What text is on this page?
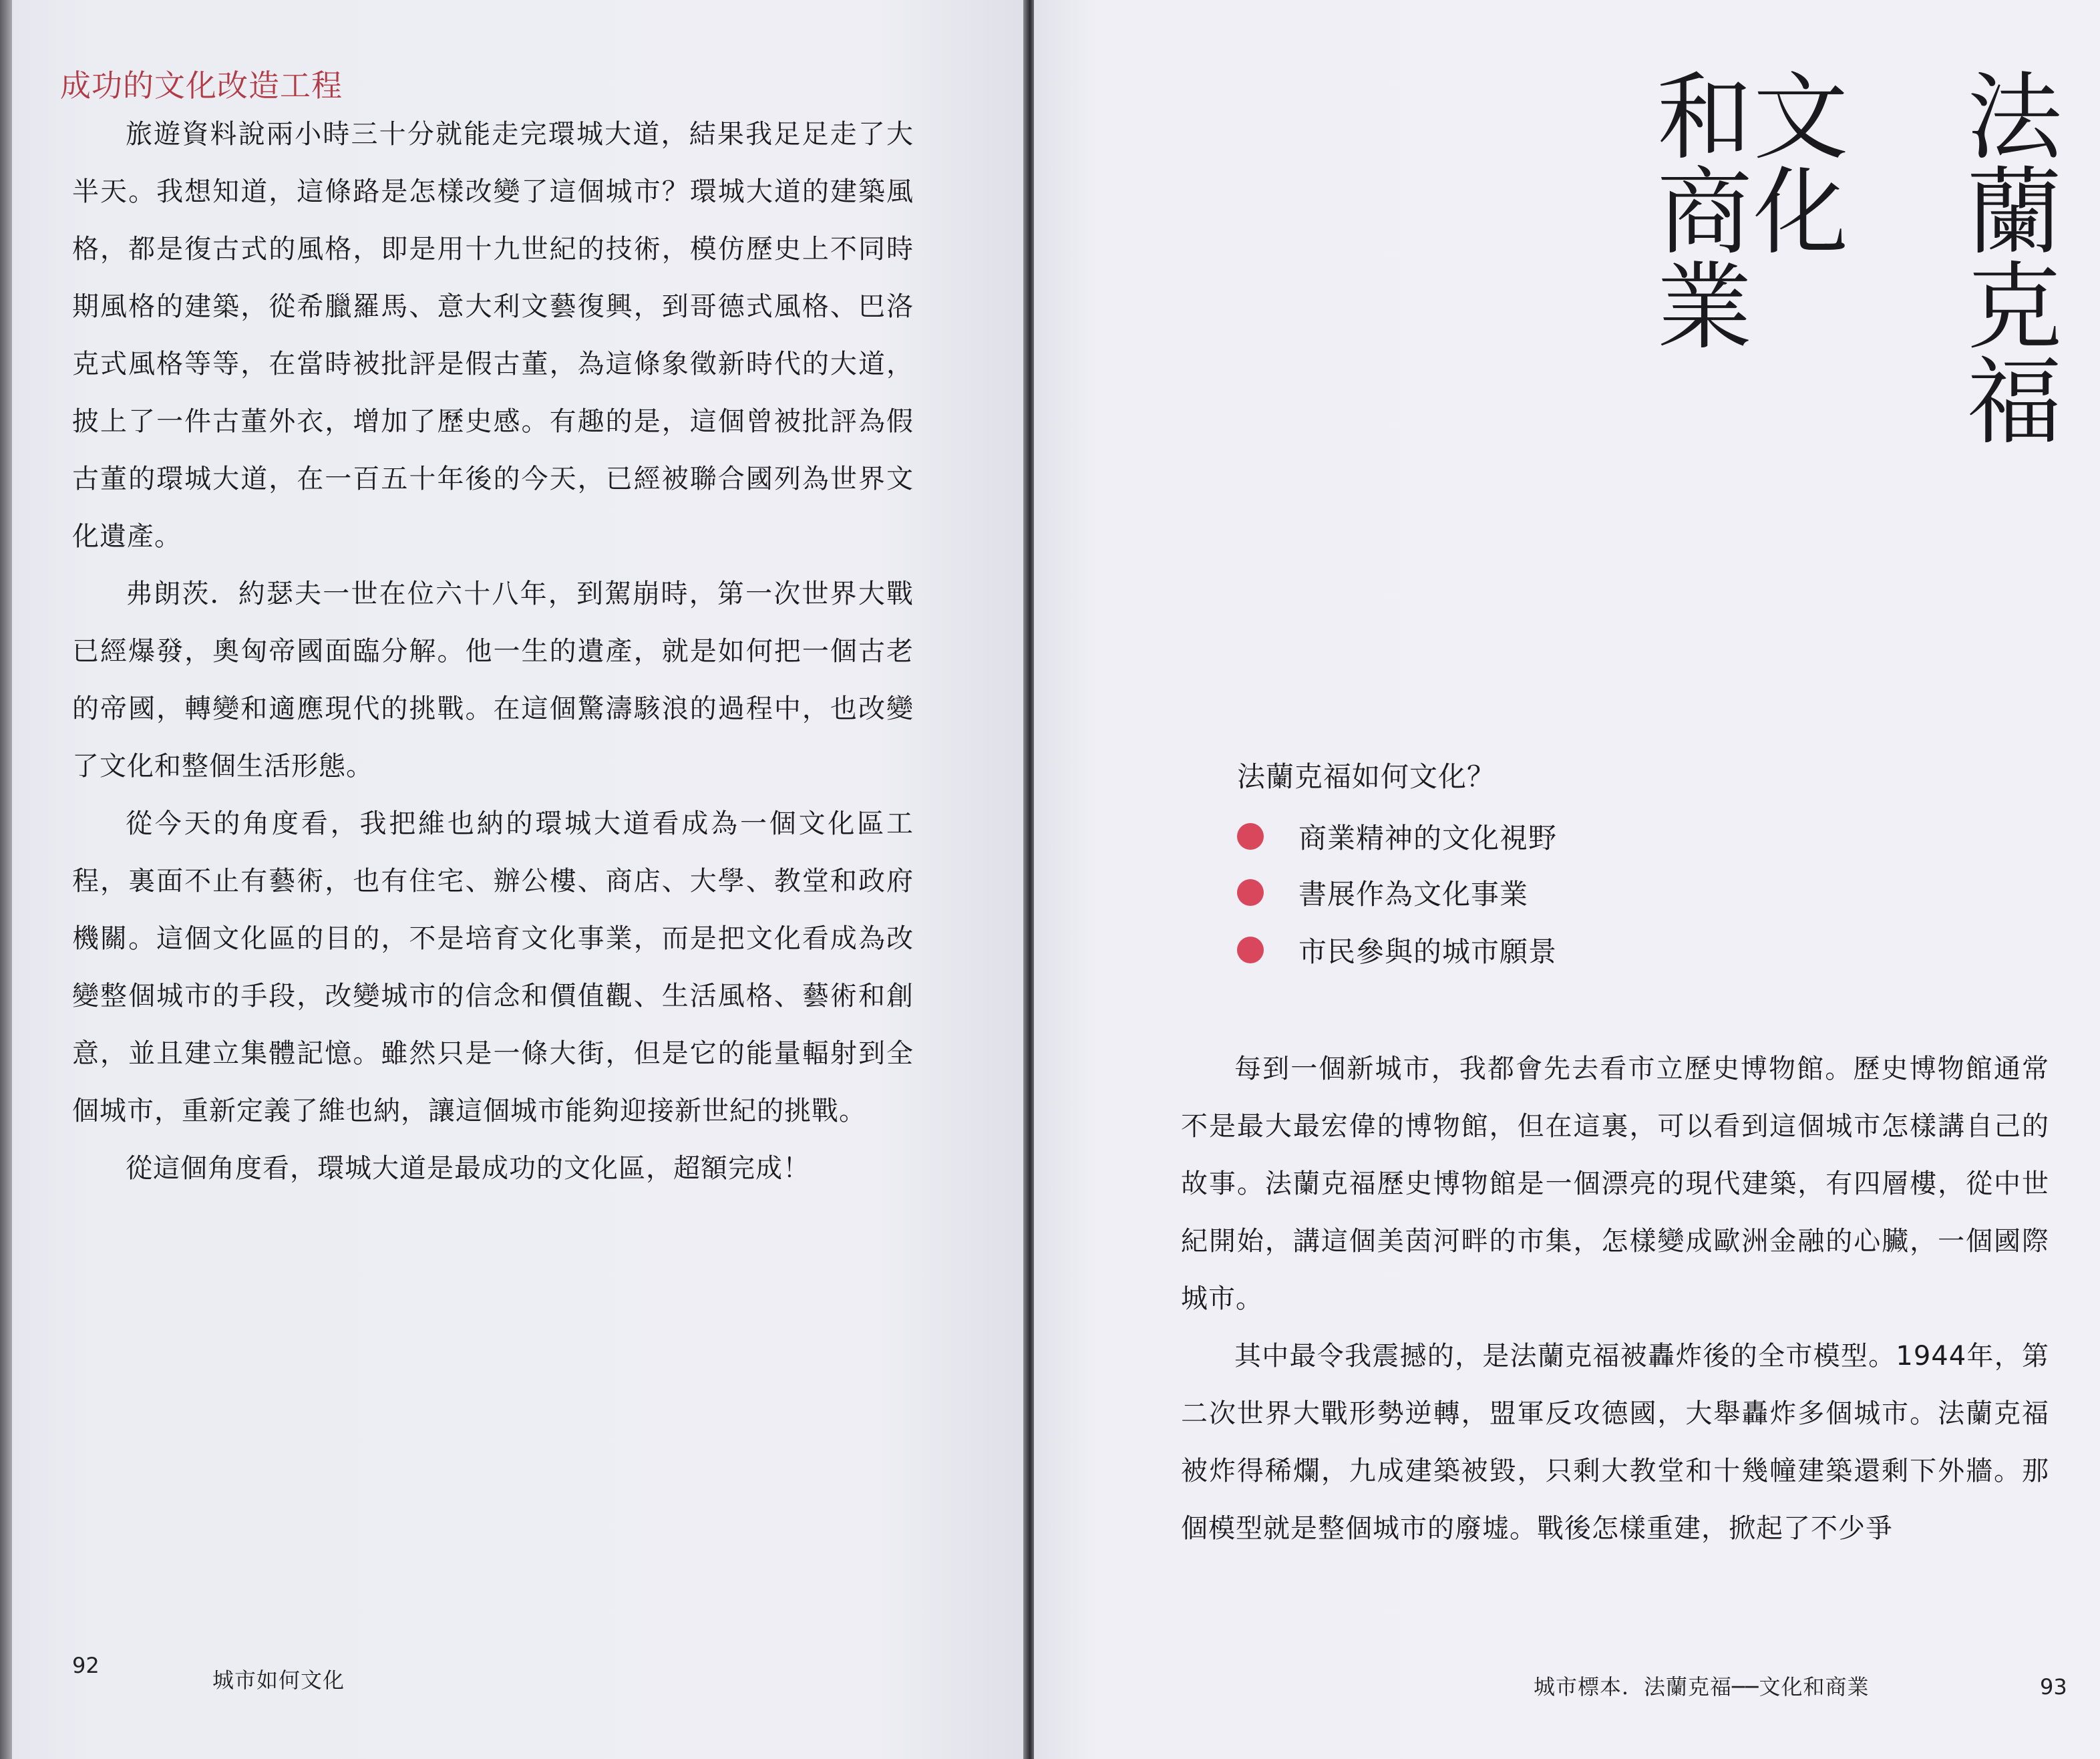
成功的文化改造工程

旅遊資料說兩小時三十分就能走完環城大道，結果我足足走了大半天。我想知道，這條路是怎樣改變了這個城市？環城大道的建築風格，都是復古式的風格，即是用十九世紀的技術，模仿歷史上不同時期風格的建築，從希臘羅馬、意大利文藝復興，到哥德式風格、巴洛克式風格等等，在當時被批評是假古董，為這條象徵新時代的大道，披上了一件古董外衣，增加了歷史感。有趣的是，這個曾被批評為假古董的環城大道，在一百五十年後的今天，已經被聯合國列為世界文化遺產。

弗朗茨．約瑟夫一世在位六十八年，到駕崩時，第一次世界大戰已經爆發，奧匈帝國面臨分解。他一生的遺產，就是如何把一個古老的帝國，轉變和適應現代的挑戰。在這個驚濤駭浪的過程中，也改變了文化和整個生活形態。

從今天的角度看，我把維也納的環城大道看成為一個文化區工程，裏面不止有藝術，也有住宅、辦公樓、商店、大學、教堂和政府機關。這個文化區的目的，不是培育文化事業，而是把文化看成為改變整個城市的手段，改變城市的信念和價值觀、生活風格、藝術和創意，並且建立集體記憶。雖然只是一條大街，但是它的能量輻射到全個城市，重新定義了維也納，讓這個城市能夠迎接新世紀的挑戰。

從這個角度看，環城大道是最成功的文化區，超額完成！

92
城市如何文化
法蘭克福
文化
和商業
法蘭克福如何文化？
商業精神的文化視野
書展作為文化事業
市民參與的城市願景

每到一個新城市，我都會先去看市立歷史博物館。歷史博物館通常不是最大最宏偉的博物館，但在這裏，可以看到這個城市怎樣講自己的故事。法蘭克福歷史博物館是一個漂亮的現代建築，有四層樓，從中世紀開始，講這個美茵河畔的市集，怎樣變成歐洲金融的心臟，一個國際城市。

其中最令我震撼的，是法蘭克福被轟炸後的全市模型。1944年，第二次世界大戰形勢逆轉，盟軍反攻德國，大舉轟炸多個城市。法蘭克福被炸得稀爛，九成建築被毀，只剩大教堂和十幾幢建築還剩下外牆。那個模型就是整個城市的廢墟。戰後怎樣重建，掀起了不少爭

城市標本．法蘭克福──文化和商業	93
